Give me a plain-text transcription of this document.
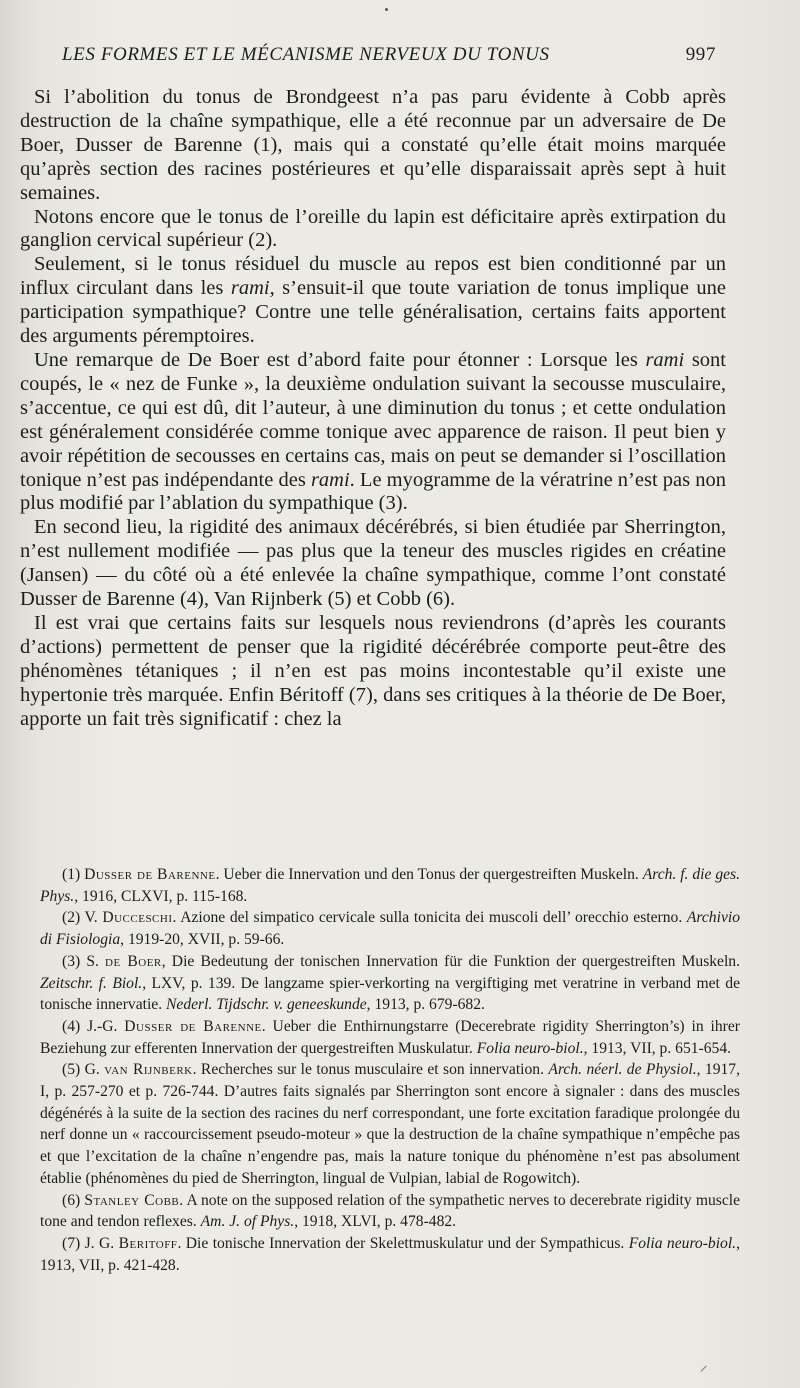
LES FORMES ET LE MÉCANISME NERVEUX DU TONUS	997

Si l’abolition du tonus de Brondgeest n’a pas paru évidente à Cobb après destruction de la chaîne sympathique, elle a été reconnue par un adversaire de De Boer, Dusser de Barenne (1), mais qui a constaté qu’elle était moins marquée qu’après section des racines postérieures et qu’elle disparaissait après sept à huit semaines.

Notons encore que le tonus de l’oreille du lapin est déficitaire après extirpation du ganglion cervical supérieur (2).

Seulement, si le tonus résiduel du muscle au repos est bien conditionné par un influx circulant dans les rami, s’ensuit-il que toute variation de tonus implique une participation sympathique? Contre une telle généralisation, certains faits apportent des arguments péremptoires.

Une remarque de De Boer est d’abord faite pour étonner : Lorsque les rami sont coupés, le « nez de Funke », la deuxième ondulation suivant la secousse musculaire, s’accentue, ce qui est dû, dit l’auteur, à une diminution du tonus ; et cette ondulation est généralement considérée comme tonique avec apparence de raison. Il peut bien y avoir répétition de secousses en certains cas, mais on peut se demander si l’oscillation tonique n’est pas indépendante des rami. Le myogramme de la vératrine n’est pas non plus modifié par l’ablation du sympathique (3).

En second lieu, la rigidité des animaux décérébrés, si bien étudiée par Sherrington, n’est nullement modifiée — pas plus que la teneur des muscles rigides en créatine (Jansen) — du côté où a été enlevée la chaîne sympathique, comme l’ont constaté Dusser de Barenne (4), Van Rijnberk (5) et Cobb (6).

Il est vrai que certains faits sur lesquels nous reviendrons (d’après les courants d’actions) permettent de penser que la rigidité décérébrée comporte peut-être des phénomènes tétaniques ; il n’en est pas moins incontestable qu’il existe une hypertonie très marquée. Enfin Béritoff (7), dans ses critiques à la théorie de De Boer, apporte un fait très significatif : chez la

(1) Dusser de Barenne. Ueber die Innervation und den Tonus der quergestreiften Muskeln. Arch. f. die ges. Phys., 1916, CLXVI, p. 115-168.

(2) V. Ducceschi. Azione del simpatico cervicale sulla tonicita dei muscoli dell’ orecchio esterno. Archivio di Fisiologia, 1919-20, XVII, p. 59-66.

(3) S. de Boer, Die Bedeutung der tonischen Innervation für die Funktion der quergestreiften Muskeln. Zeitschr. f. Biol., LXV, p. 139. De langzame spier-verkorting na vergiftiging met veratrine in verband met de tonische innervatie. Nederl. Tijdschr. v. geneeskunde, 1913, p. 679-682.

(4) J.-G. Dusser de Barenne. Ueber die Enthirnungstarre (Decerebrate rigidity Sherrington’s) in ihrer Beziehung zur efferenten Innervation der quergestreiften Muskulatur. Folia neuro-biol., 1913, VII, p. 651-654.

(5) G. van Rijnberk. Recherches sur le tonus musculaire et son innervation. Arch. néerl. de Physiol., 1917, I, p. 257-270 et p. 726-744. D’autres faits signalés par Sherrington sont encore à signaler : dans des muscles dégénérés à la suite de la section des racines du nerf correspondant, une forte excitation faradique prolongée du nerf donne un « raccourcissement pseudo-moteur » que la destruction de la chaîne sympathique n’empêche pas et que l’excitation de la chaîne n’engendre pas, mais la nature tonique du phénomène n’est pas absolument établie (phénomènes du pied de Sherrington, lingual de Vulpian, labial de Rogowitch).

(6) Stanley Cobb. A note on the supposed relation of the sympathetic nerves to decerebrate rigidity muscle tone and tendon reflexes. Am. J. of Phys., 1918, XLVI, p. 478-482.

(7) J. G. Beritoff. Die tonische Innervation der Skelettmuskulatur und der Sympathicus. Folia neuro-biol., 1913, VII, p. 421-428.
